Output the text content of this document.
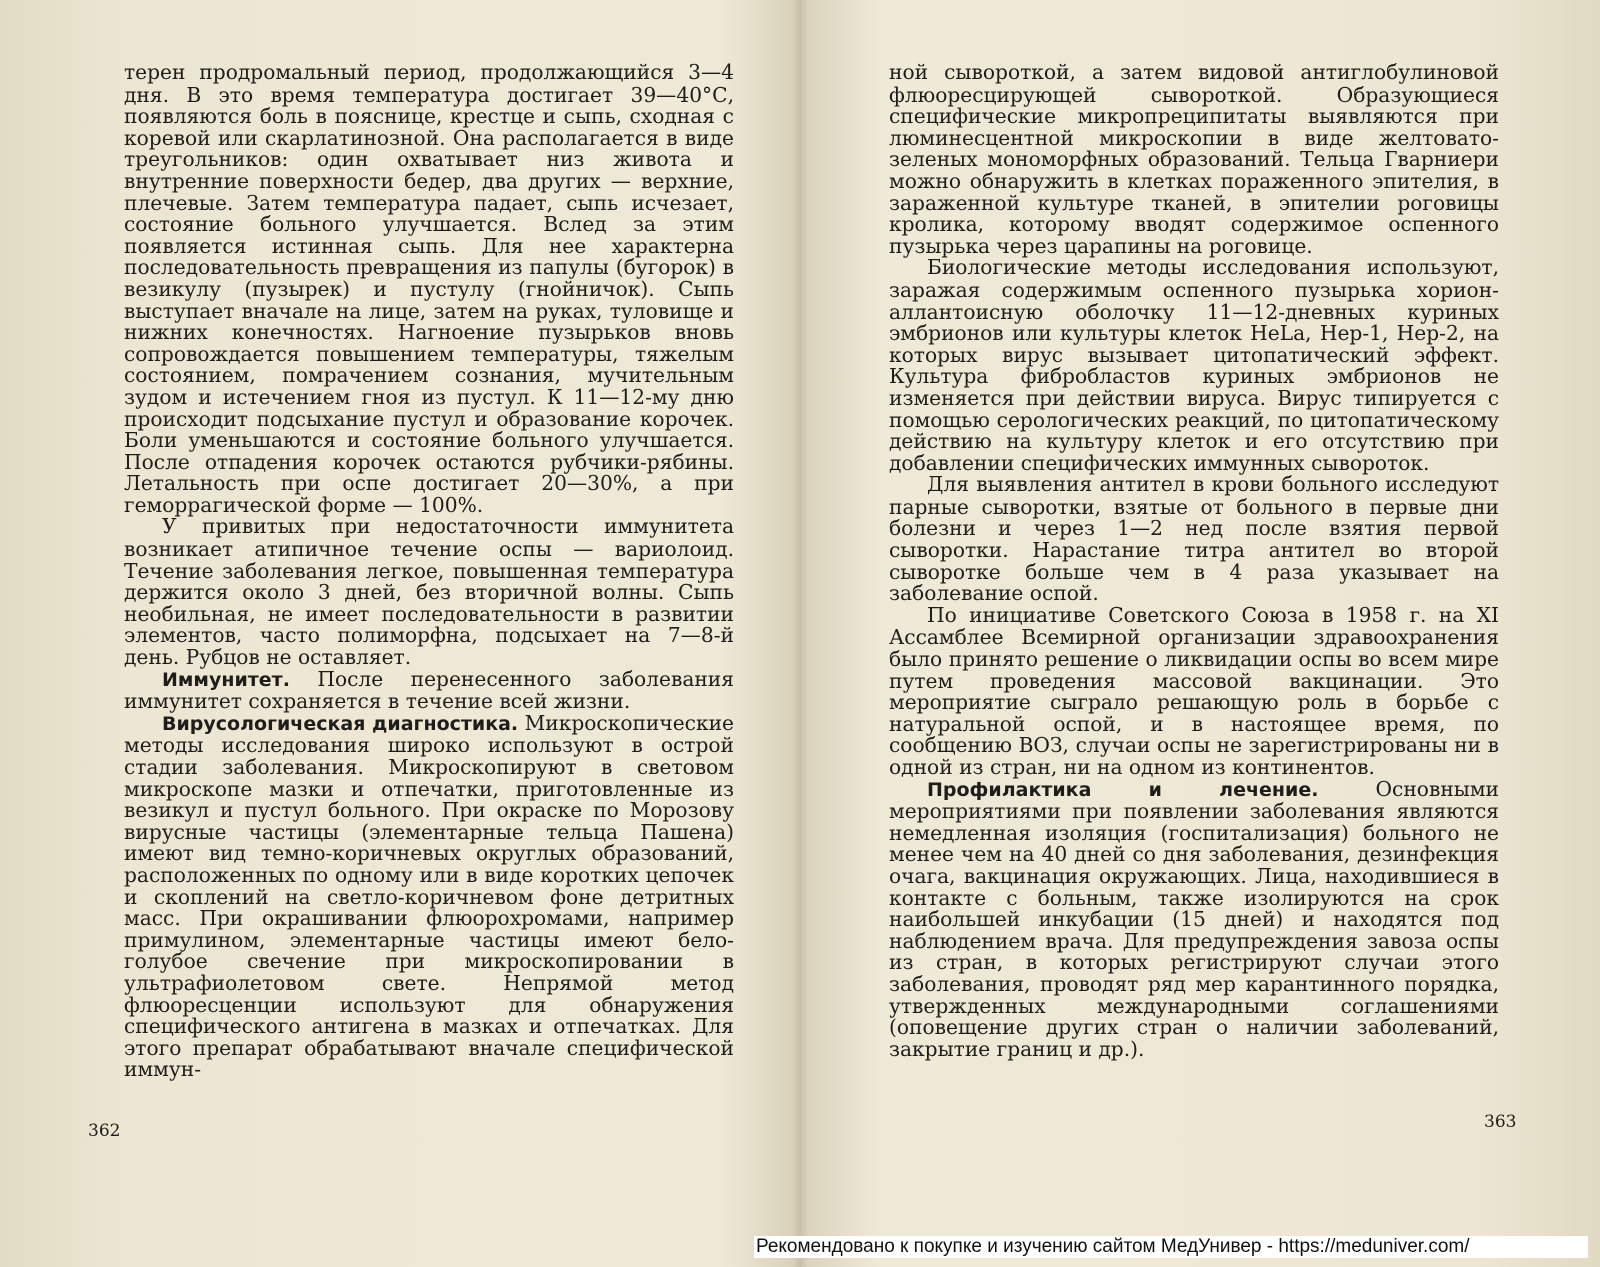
терен продромальный период, продолжающийся 3—4 дня. В это время температура достигает 39—40°С, появляются боль в пояснице, крестце и сыпь, сходная с коревой или скарлатинозной. Она располагается в виде треугольников: один охватывает низ живота и внутренние поверхности бедер, два других — верхние, плечевые. Затем температура падает, сыпь исчезает, состояние больного улучшается. Вслед за этим появляется истинная сыпь. Для нее характерна последовательность превращения из папулы (бугорок) в везикулу (пузырек) и пустулу (гнойничок). Сыпь выступает вначале на лице, затем на руках, туловище и нижних конечностях. Нагноение пузырьков вновь сопровождается повышением температуры, тяжелым состоянием, помрачением сознания, мучительным зудом и истечением гноя из пустул. К 11—12-му дню происходит подсыхание пустул и образование корочек. Боли уменьшаются и состояние больного улучшается. После отпадения корочек остаются рубчики-рябины. Летальность при оспе достигает 20—30%, а при геморрагической форме — 100%.

У привитых при недостаточности иммунитета возникает атипичное течение оспы — вариолоид. Течение заболевания легкое, повышенная температура держится около 3 дней, без вторичной волны. Сыпь необильная, не имеет последовательности в развитии элементов, часто полиморфна, подсыхает на 7—8-й день. Рубцов не оставляет.

Иммунитет. После перенесенного заболевания иммунитет сохраняется в течение всей жизни.

Вирусологическая диагностика. Микроскопические методы исследования широко используют в острой стадии заболевания. Микроскопируют в световом микроскопе мазки и отпечатки, приготовленные из везикул и пустул больного. При окраске по Морозову вирусные частицы (элементарные тельца Пашена) имеют вид темно-коричневых округлых образований, расположенных по одному или в виде коротких цепочек и скоплений на светло-коричневом фоне детритных масс. При окрашивании флюорохромами, например примулином, элементарные частицы имеют бело-голубое свечение при микроскопировании в ультрафиолетовом свете. Непрямой метод флюоресценции используют для обнаружения специфического антигена в мазках и отпечатках. Для этого препарат обрабатывают вначале специфической иммун-

362

ной сывороткой, а затем видовой антиглобулиновой флюоресцирующей сывороткой. Образующиеся специфические микропреципитаты выявляются при люминесцентной микроскопии в виде желтовато-зеленых мономорфных образований. Тельца Гварниери можно обнаружить в клетках пораженного эпителия, в зараженной культуре тканей, в эпителии роговицы кролика, которому вводят содержимое оспенного пузырька через царапины на роговице.

Биологические методы исследования используют, заражая содержимым оспенного пузырька хорион-аллантоисную оболочку 11—12-дневных куриных эмбрионов или культуры клеток HeLa, Hep-1, Hep-2, на которых вирус вызывает цитопатический эффект. Культура фибробластов куриных эмбрионов не изменяется при действии вируса. Вирус типируется с помощью серологических реакций, по цитопатическому действию на культуру клеток и его отсутствию при добавлении специфических иммунных сывороток.

Для выявления антител в крови больного исследуют парные сыворотки, взятые от больного в первые дни болезни и через 1—2 нед после взятия первой сыворотки. Нарастание титра антител во второй сыворотке больше чем в 4 раза указывает на заболевание оспой.

По инициативе Советского Союза в 1958 г. на XI Ассамблее Всемирной организации здравоохранения было принято решение о ликвидации оспы во всем мире путем проведения массовой вакцинации. Это мероприятие сыграло решающую роль в борьбе с натуральной оспой, и в настоящее время, по сообщению ВОЗ, случаи оспы не зарегистрированы ни в одной из стран, ни на одном из континентов.

Профилактика и лечение. Основными мероприятиями при появлении заболевания являются немедленная изоляция (госпитализация) больного не менее чем на 40 дней со дня заболевания, дезинфекция очага, вакцинация окружающих. Лица, находившиеся в контакте с больным, также изолируются на срок наибольшей инкубации (15 дней) и находятся под наблюдением врача. Для предупреждения завоза оспы из стран, в которых регистрируют случаи этого заболевания, проводят ряд мер карантинного порядка, утвержденных международными соглашениями (оповещение других стран о наличии заболеваний, закрытие границ и др.).

363
Рекомендовано к покупке и изучению сайтом МедУнивер - https://meduniver.com/
